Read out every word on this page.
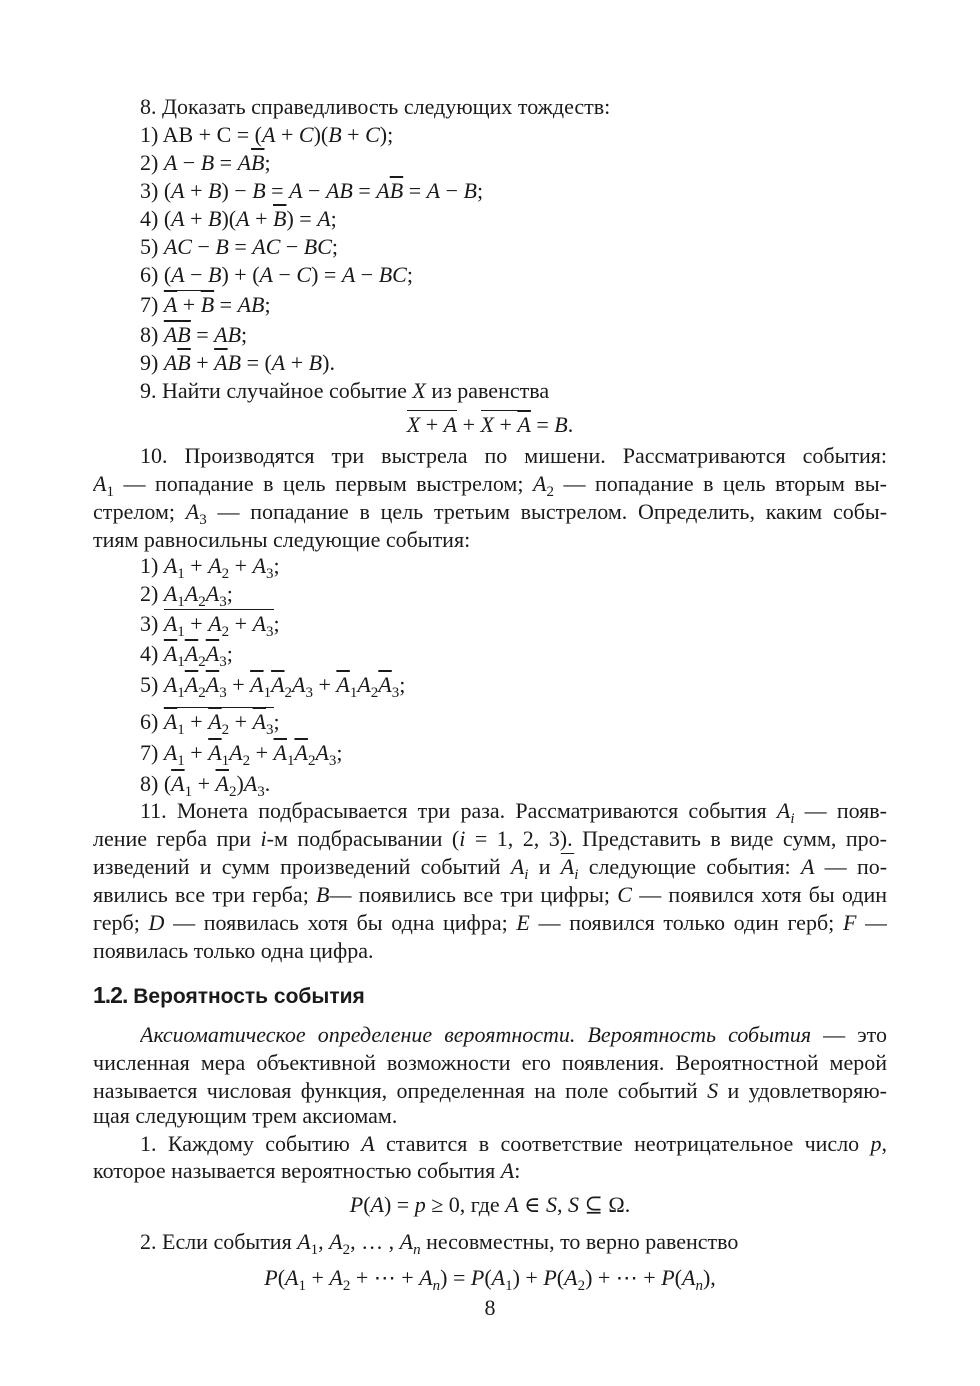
8. Доказать справедливость следующих тождеств:
1) AB + C = (A + C)(B + C);
2) $A - B = A\overline{B}$;
3) (A + B) − B = A − AB = $A\overline{B} = A - B$;
4) $(A + B)(A + \overline{B}) = A$;
5) AC − B = AC − BC;
6) (A − B) + (A − C) = A − BC;
7) $\overline{A} + \overline{B}$ = AB;
8) $\overline{A}\overline{B}$ = AB;
9) $A\overline{B} + \overline{A}B = (A + B)$.
9. Найти случайное событие X из равенства
$X + A + X + \overline{A} = B$.
10. Производятся три выстрела по мишени. Рассматриваются события:
$A_1$ — попадание в цель первым выстрелом; $A_2$ — попадание в цель вторым вы-
стрелом; $A_3$ — попадание в цель третьим выстрелом. Определить, каким собы-
тиям равносильны следующие события:
1) $A_1 + A_2 + A_3$;
2) $A_1A_2A_3$;
3) $A_1 + A_2 + A_3$;
4) $\overline{A}_1\overline{A}_2\overline{A}_3$;
5) $A_1\overline{A}_2\overline{A}_3 + \overline{A}_1\overline{A}_2A_3 + \overline{A}_1A_2\overline{A}_3$;
6) $\overline{A}_1 + \overline{A}_2 + \overline{A}_3$;
7) $A_1 + \overline{A}_1A_2 + \overline{A}_1\overline{A}_2A_3$;
8) $(\overline{A}_1 + \overline{A}_2)A_3$.
11. Монета подбрасывается три раза. Рассматриваются события $A_i$ — появ-
ление герба при i-м подбрасывании (i = 1, 2, 3). Представить в виде сумм, про-
изведений и сумм произведений событий $A_i$ и $\overline{A}_i$ следующие события: A — по-
явились все три герба; B— появились все три цифры; C — появился хотя бы один
герб; D — появилась хотя бы одна цифра; E — появился только один герб; F —
появилась только одна цифра.
1.2. Вероятность события
Аксиоматическое определение вероятности. Вероятность события — это
численная мера объективной возможности его появления. Вероятностной мерой
называется числовая функция, определенная на поле событий S и удовлетворяю-
щая следующим трем аксиомам.
1. Каждому событию A ставится в соответствие неотрицательное число p,
которое называется вероятностью события A:
P(A) = p ≥ 0, где A ∈ S, S ⊆ Ω.
2. Если события $A_1$, $A_2$, … , $A_n$ несовместны, то верно равенство
$P(A_1 + A_2$ + ⋯ + $A_n) = P(A_1) + P(A_2)$ + ⋯ + $P(A_n)$,
8
